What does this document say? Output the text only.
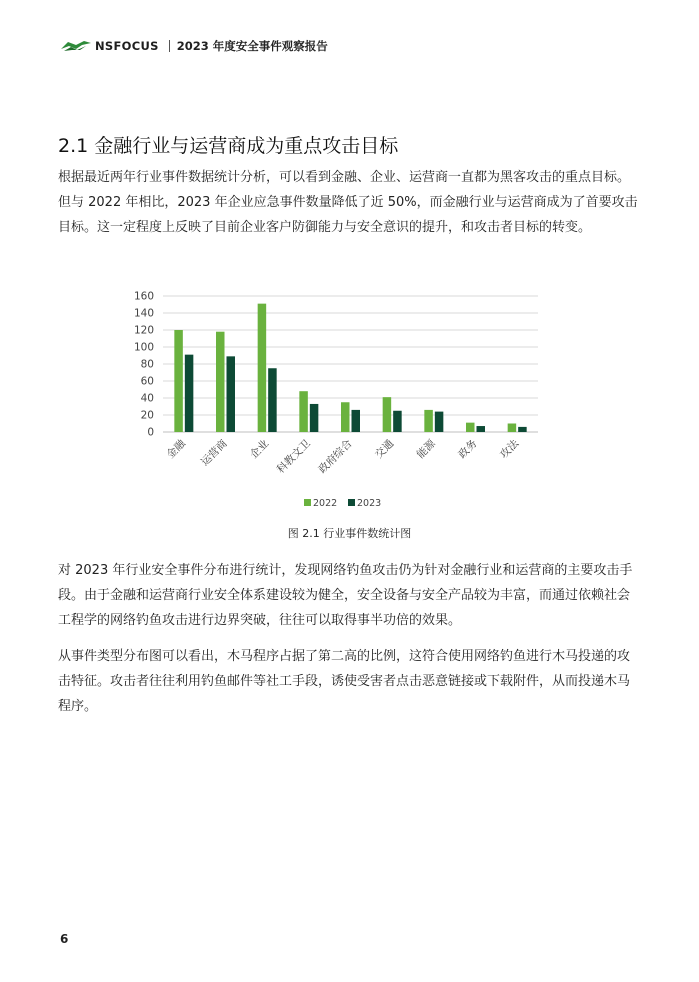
NSFOCUS 2023 年度安全事件观察报告
2.1 金融行业与运营商成为重点攻击目标

根据最近两年行业事件数据统计分析，可以看到金融、企业、运营商一直都为黑客攻击的重点目标。但与 2022 年相比，2023 年企业应急事件数量降低了近 50%，而金融行业与运营商成为了首要攻击目标。这一定程度上反映了目前企业客户防御能力与安全意识的提升，和攻击者目标的转变。

0
20
40
60
80
100
120
140
160
金融 运营商 企业 科教文卫 政府综合 交通 能源 政务 攻法
2022 2023

图 2.1 行业事件数统计图

对 2023 年行业安全事件分布进行统计，发现网络钓鱼攻击仍为针对金融行业和运营商的主要攻击手段。由于金融和运营商行业安全体系建设较为健全，安全设备与安全产品较为丰富，而通过依赖社会工程学的网络钓鱼攻击进行边界突破，往往可以取得事半功倍的效果。

从事件类型分布图可以看出，木马程序占据了第二高的比例，这符合使用网络钓鱼进行木马投递的攻击特征。攻击者往往利用钓鱼邮件等社工手段，诱使受害者点击恶意链接或下载附件，从而投递木马程序。

6
